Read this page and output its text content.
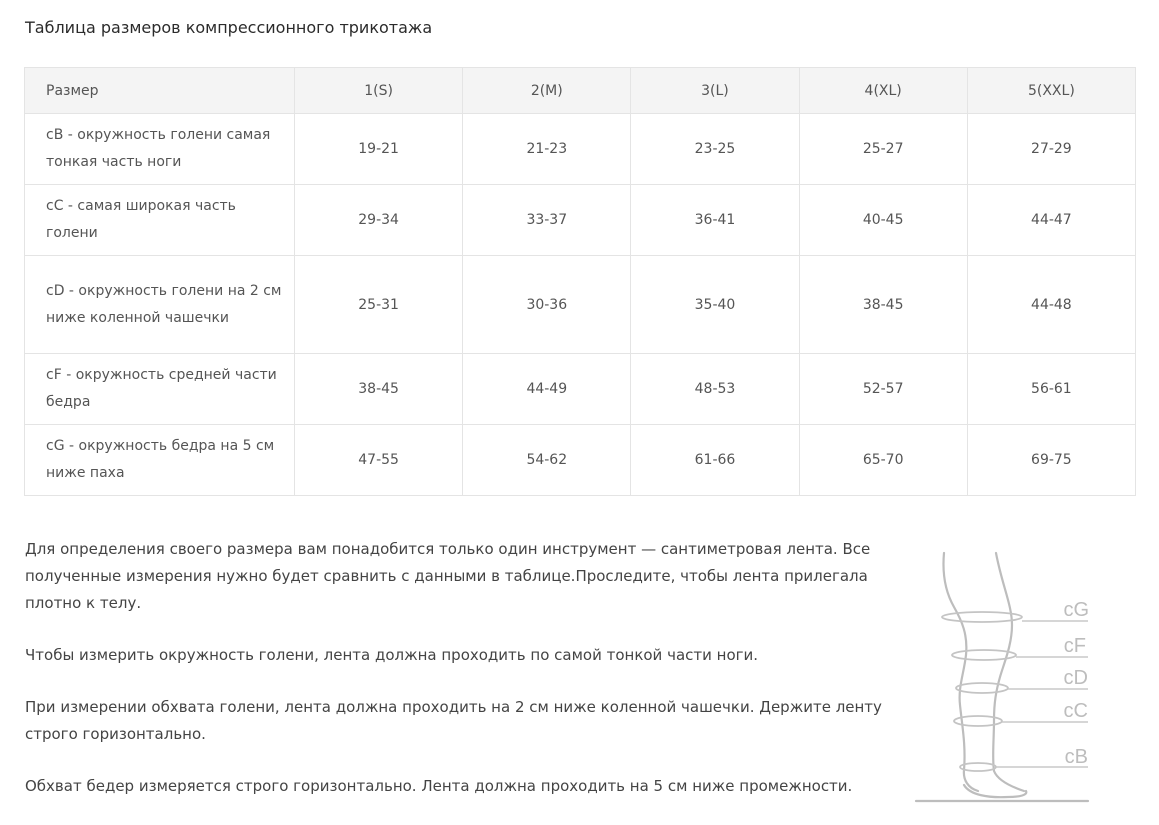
Таблица размеров компрессионного трикотажа
Размер	1(S)	2(M)	3(L)	4(XL)	5(XXL)
cB - окружность голени самая тонкая часть ноги	19-21	21-23	23-25	25-27	27-29
cC - самая широкая часть голени	29-34	33-37	36-41	40-45	44-47
cD - окружность голени на 2 см ниже коленной чашечки	25-31	30-36	35-40	38-45	44-48
cF - окружность средней части бедра	38-45	44-49	48-53	52-57	56-61
cG - окружность бедра на 5 см ниже паха	47-55	54-62	61-66	65-70	69-75

Для определения своего размера вам понадобится только один инструмент — сантиметровая лента. Все полученные измерения нужно будет сравнить с данными в таблице.Проследите, чтобы лента прилегала плотно к телу.

Чтобы измерить окружность голени, лента должна проходить по самой тонкой части ноги.

При измерении обхвата голени, лента должна проходить на 2 см ниже коленной чашечки. Держите ленту строго горизонтально.

Обхват бедер измеряется строго горизонтально. Лента должна проходить на 5 см ниже промежности.

cG
cF
cD
cC
cB
